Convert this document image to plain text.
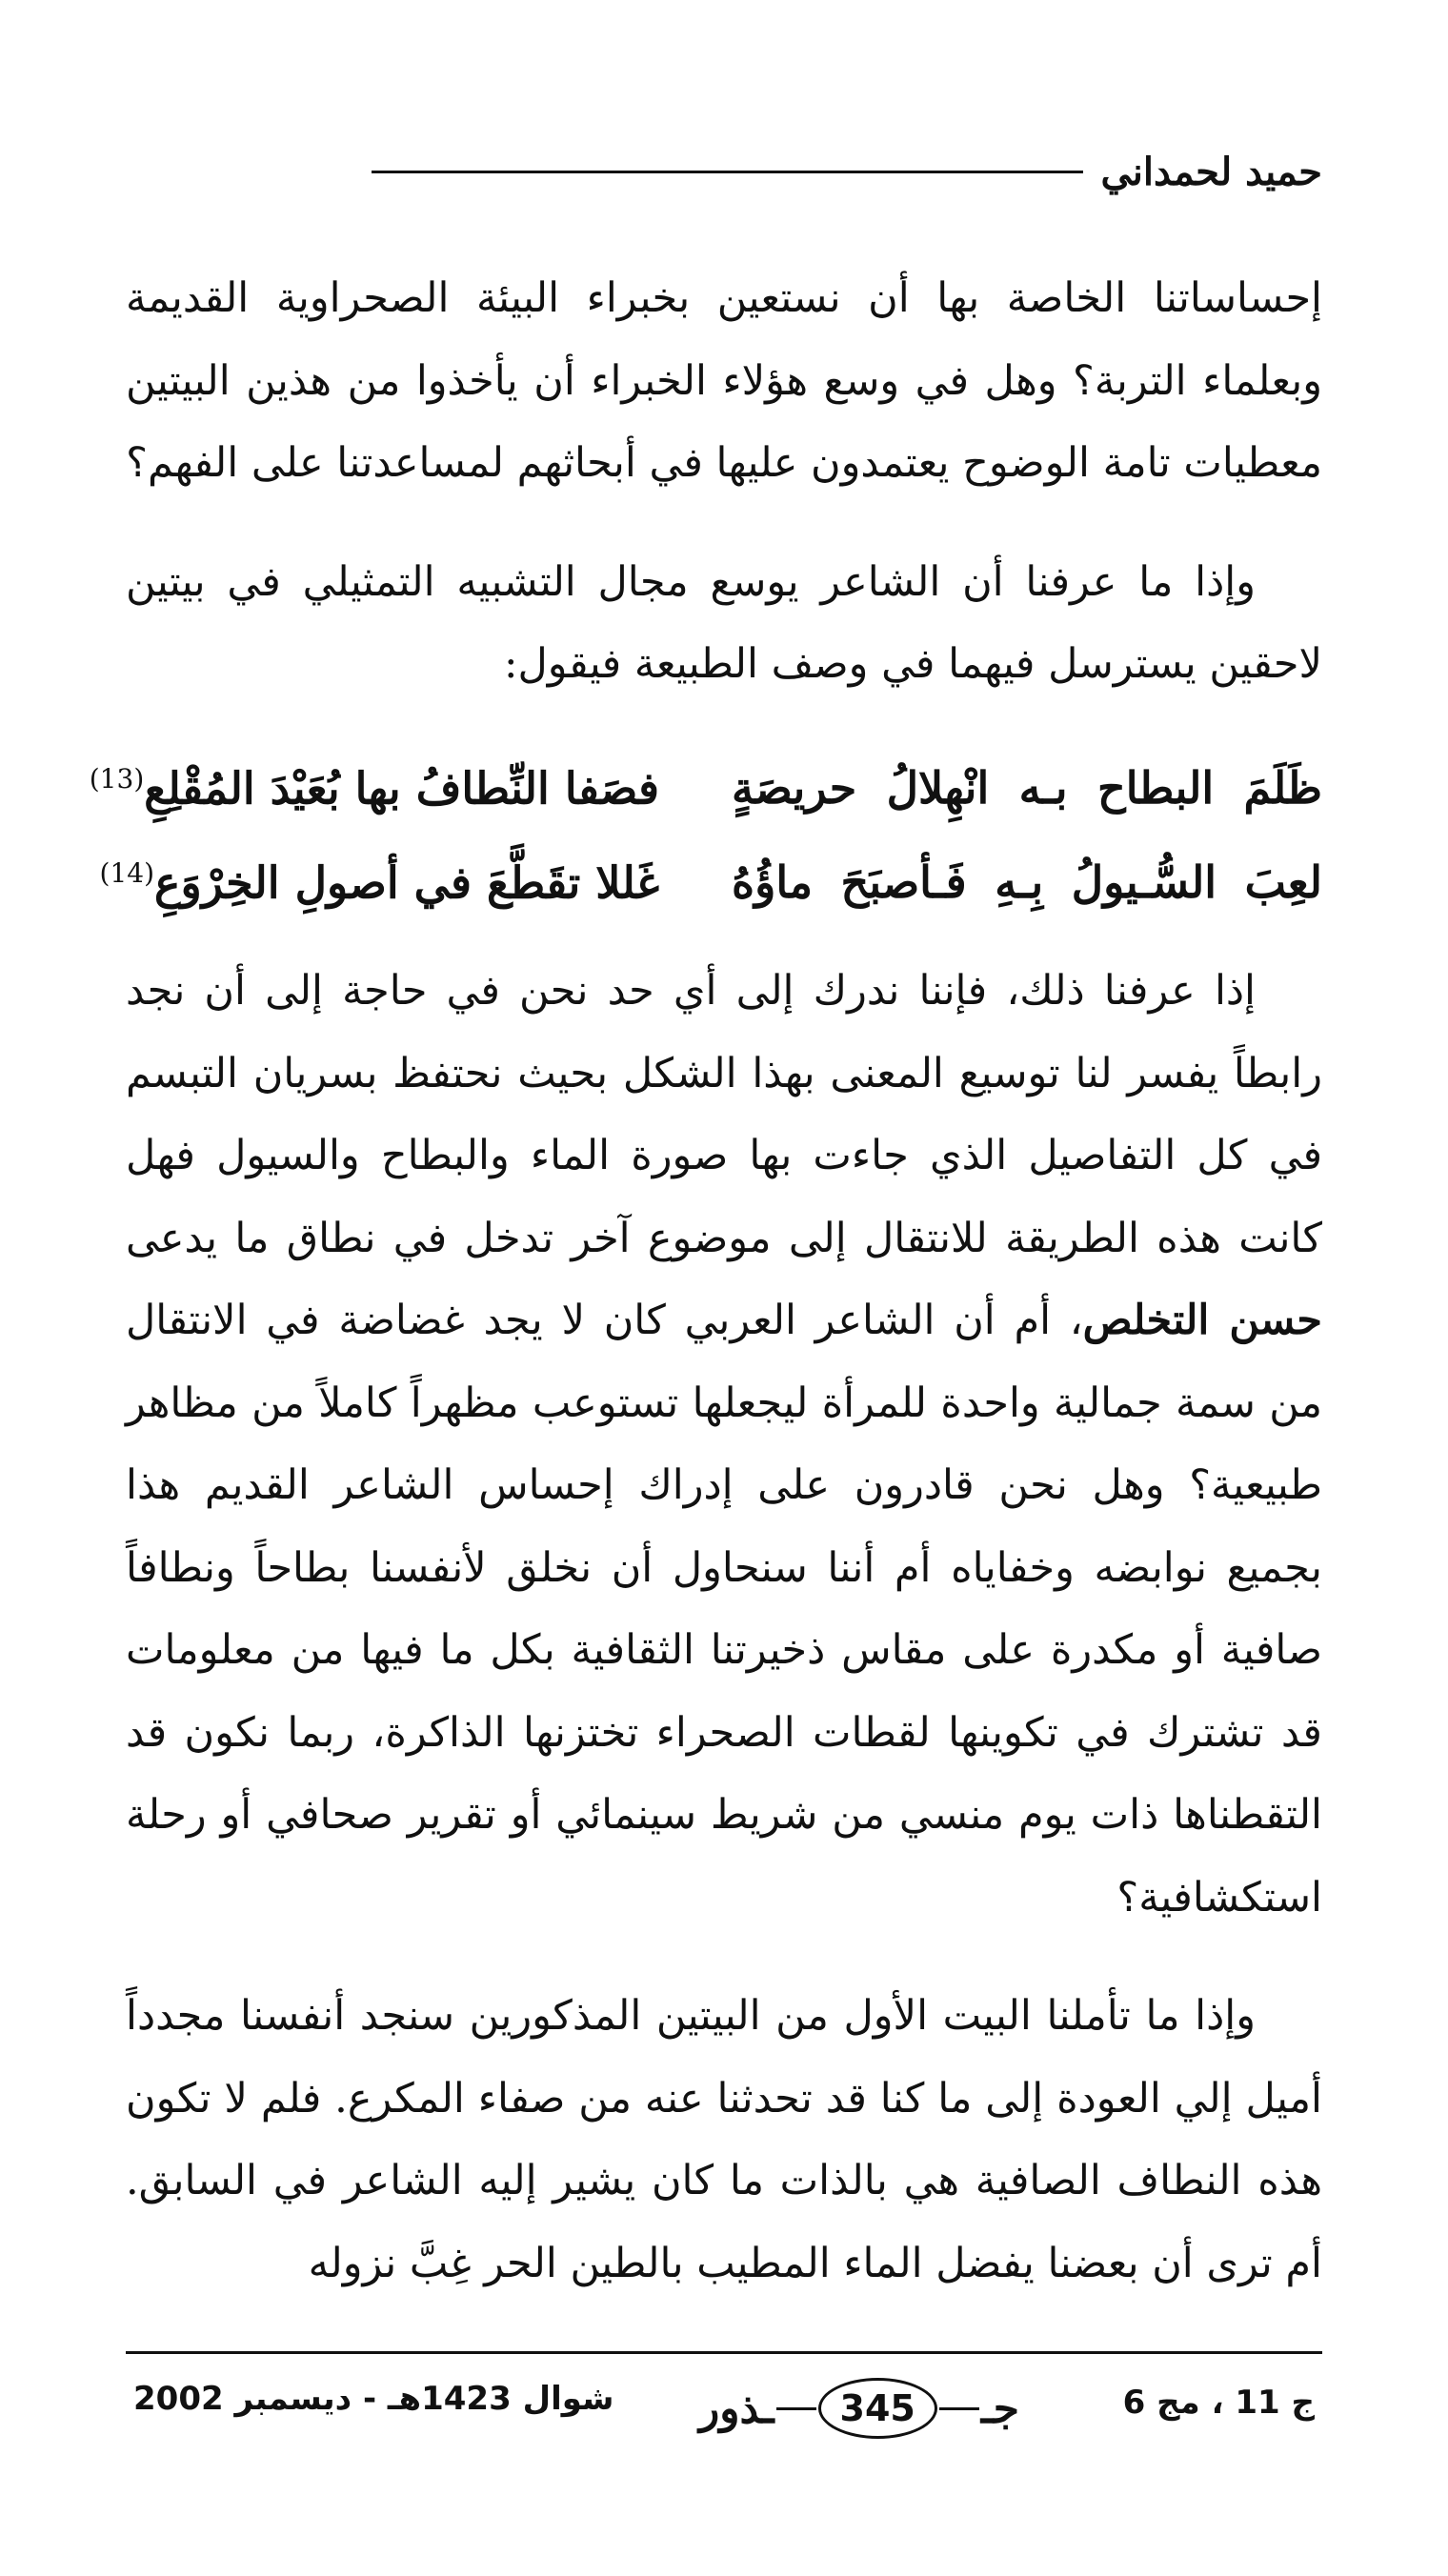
حميد لحمداني

إحساساتنا الخاصة بها أن نستعين بخبراء البيئة الصحراوية القديمة وبعلماء التربة؟ وهل في وسع هؤلاء الخبراء أن يأخذوا من هذين البيتين معطيات تامة الوضوح يعتمدون عليها في أبحاثهم لمساعدتنا على الفهم؟

وإذا ما عرفنا أن الشاعر يوسع مجال التشبيه التمثيلي في بيتين لاحقين يسترسل فيهما في وصف الطبيعة فيقول:

ظَلَمَ البطاح بـه انْهِلالُ حريصَةٍ
فصَفا النِّطافُ بها بُعَيْدَ المُقْلِعِ$^{(13)}$
لعِبَ السُّـيولُ بِـهِ فَـأصبَحَ ماؤُهُ
غَللا تقَطَّعَ في أصولِ الخِرْوَعِ$^{(14)}$

إذا عرفنا ذلك، فإننا ندرك إلى أي حد نحن في حاجة إلى أن نجد رابطاً يفسر لنا توسيع المعنى بهذا الشكل بحيث نحتفظ بسريان التبسم في كل التفاصيل الذي جاءت بها صورة الماء والبطاح والسيول فهل كانت هذه الطريقة للانتقال إلى موضوع آخر تدخل في نطاق ما يدعى حسن التخلص، أم أن الشاعر العربي كان لا يجد غضاضة في الانتقال من سمة جمالية واحدة للمرأة ليجعلها تستوعب مظهراً كاملاً من مظاهر طبيعية؟ وهل نحن قادرون على إدراك إحساس الشاعر القديم هذا بجميع نوابضه وخفاياه أم أننا سنحاول أن نخلق لأنفسنا بطاحاً ونطافاً صافية أو مكدرة على مقاس ذخيرتنا الثقافية بكل ما فيها من معلومات قد تشترك في تكوينها لقطات الصحراء تختزنها الذاكرة، ربما نكون قد التقطناها ذات يوم منسي من شريط سينمائي أو تقرير صحافي أو رحلة استكشافية؟

وإذا ما تأملنا البيت الأول من البيتين المذكورين سنجد أنفسنا مجدداً أميل إلي العودة إلى ما كنا قد تحدثنا عنه من صفاء المكرع. فلم لا تكون هذه النطاف الصافية هي بالذات ما كان يشير إليه الشاعر في السابق. أم ترى أن بعضنا يفضل الماء المطيب بالطين الحر غِبَّ نزوله

ج 11 ، مج 6
جـ
345
ـذور
شوال 1423هـ - ديسمبر 2002
